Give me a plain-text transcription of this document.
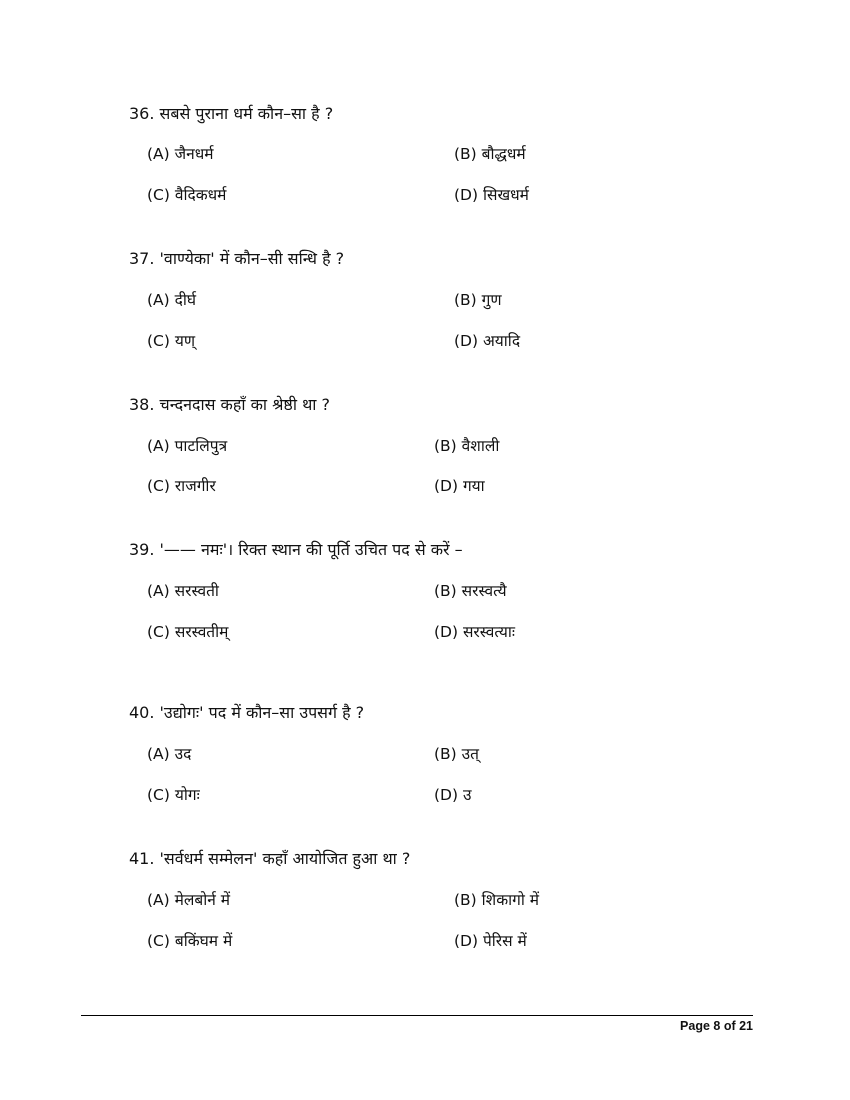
36. सबसे पुराना धर्म कौन–सा है ?
(A) जैनधर्म	(B) बौद्धधर्म
(C) वैदिकधर्म	(D) सिखधर्म
37. 'वाण्येका' में कौन–सी सन्धि है ?
(A) दीर्घ	(B) गुण
(C) यण्	(D) अयादि
38. चन्दनदास कहाँ का श्रेष्ठी था ?
(A) पाटलिपुत्र	(B) वैशाली
(C) राजगीर	(D) गया
39. '—— नमः'। रिक्त स्थान की पूर्ति उचित पद से करें –
(A) सरस्वती	(B) सरस्वत्यै
(C) सरस्वतीम्	(D) सरस्वत्याः
40. 'उद्योगः' पद में कौन–सा उपसर्ग है ?
(A) उद	(B) उत्
(C) योगः	(D) उ
41. 'सर्वधर्म सम्मेलन' कहाँ आयोजित हुआ था ?
(A) मेलबोर्न में	(B) शिकागो में
(C) बकिंघम में	(D) पेरिस में
Page 8 of 21
